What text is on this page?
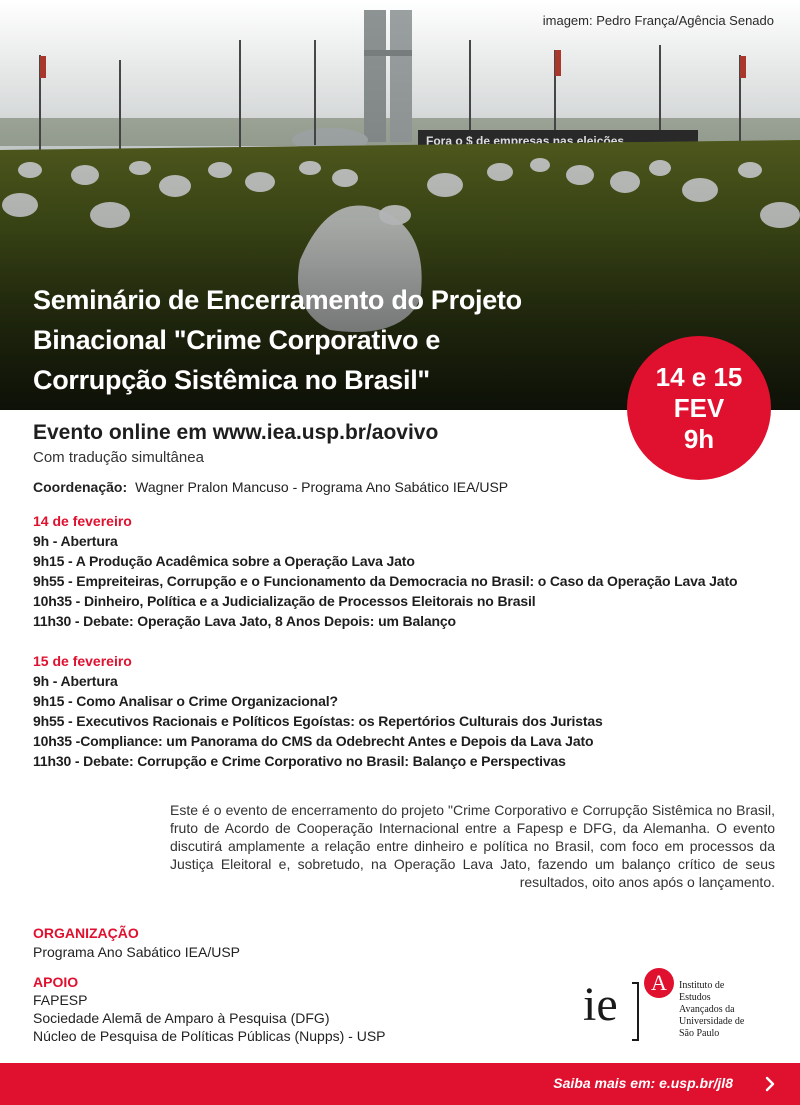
imagem: Pedro França/Agência Senado
Seminário de Encerramento do Projeto
Binacional "Crime Corporativo e
Corrupção Sistêmica no Brasil"	14 e 15
FEV
9h
Evento online em www.iea.usp.br/aovivo
Com tradução simultânea
Coordenação: Wagner Pralon Mancuso - Programa Ano Sabático IEA/USP
14 de fevereiro
9h - Abertura
9h15 - A Produção Acadêmica sobre a Operação Lava Jato
9h55 - Empreiteiras, Corrupção e o Funcionamento da Democracia no Brasil: o Caso da Operação Lava Jato
10h35 - Dinheiro, Política e a Judicialização de Processos Eleitorais no Brasil
11h30 - Debate: Operação Lava Jato, 8 Anos Depois: um Balanço
15 de fevereiro
9h - Abertura
9h15 - Como Analisar o Crime Organizacional?
9h55 - Executivos Racionais e Políticos Egoístas: os Repertórios Culturais dos Juristas
10h35 -Compliance: um Panorama do CMS da Odebrecht Antes e Depois da Lava Jato
11h30 - Debate: Corrupção e Crime Corporativo no Brasil: Balanço e Perspectivas
Este é o evento de encerramento do projeto "Crime Corporativo e Corrupção Sistêmica no Brasil, fruto de Acordo de Cooperação Internacional entre a Fapesp e DFG, da Alemanha. O evento discutirá amplamente a relação entre dinheiro e política no Brasil, com foco em processos da Justiça Eleitoral e, sobretudo, na Operação Lava Jato, fazendo um balanço crítico de seus resultados, oito anos após o lançamento.
ORGANIZAÇÃO
Programa Ano Sabático IEA/USP
APOIO
FAPESP
Sociedade Alemã de Amparo à Pesquisa (DFG)
Núcleo de Pesquisa de Políticas Públicas (Nupps) - USP
ie	A	Instituto de
Estudos
Avançados da
Universidade de
São Paulo
Saiba mais em: e.usp.br/jl8
